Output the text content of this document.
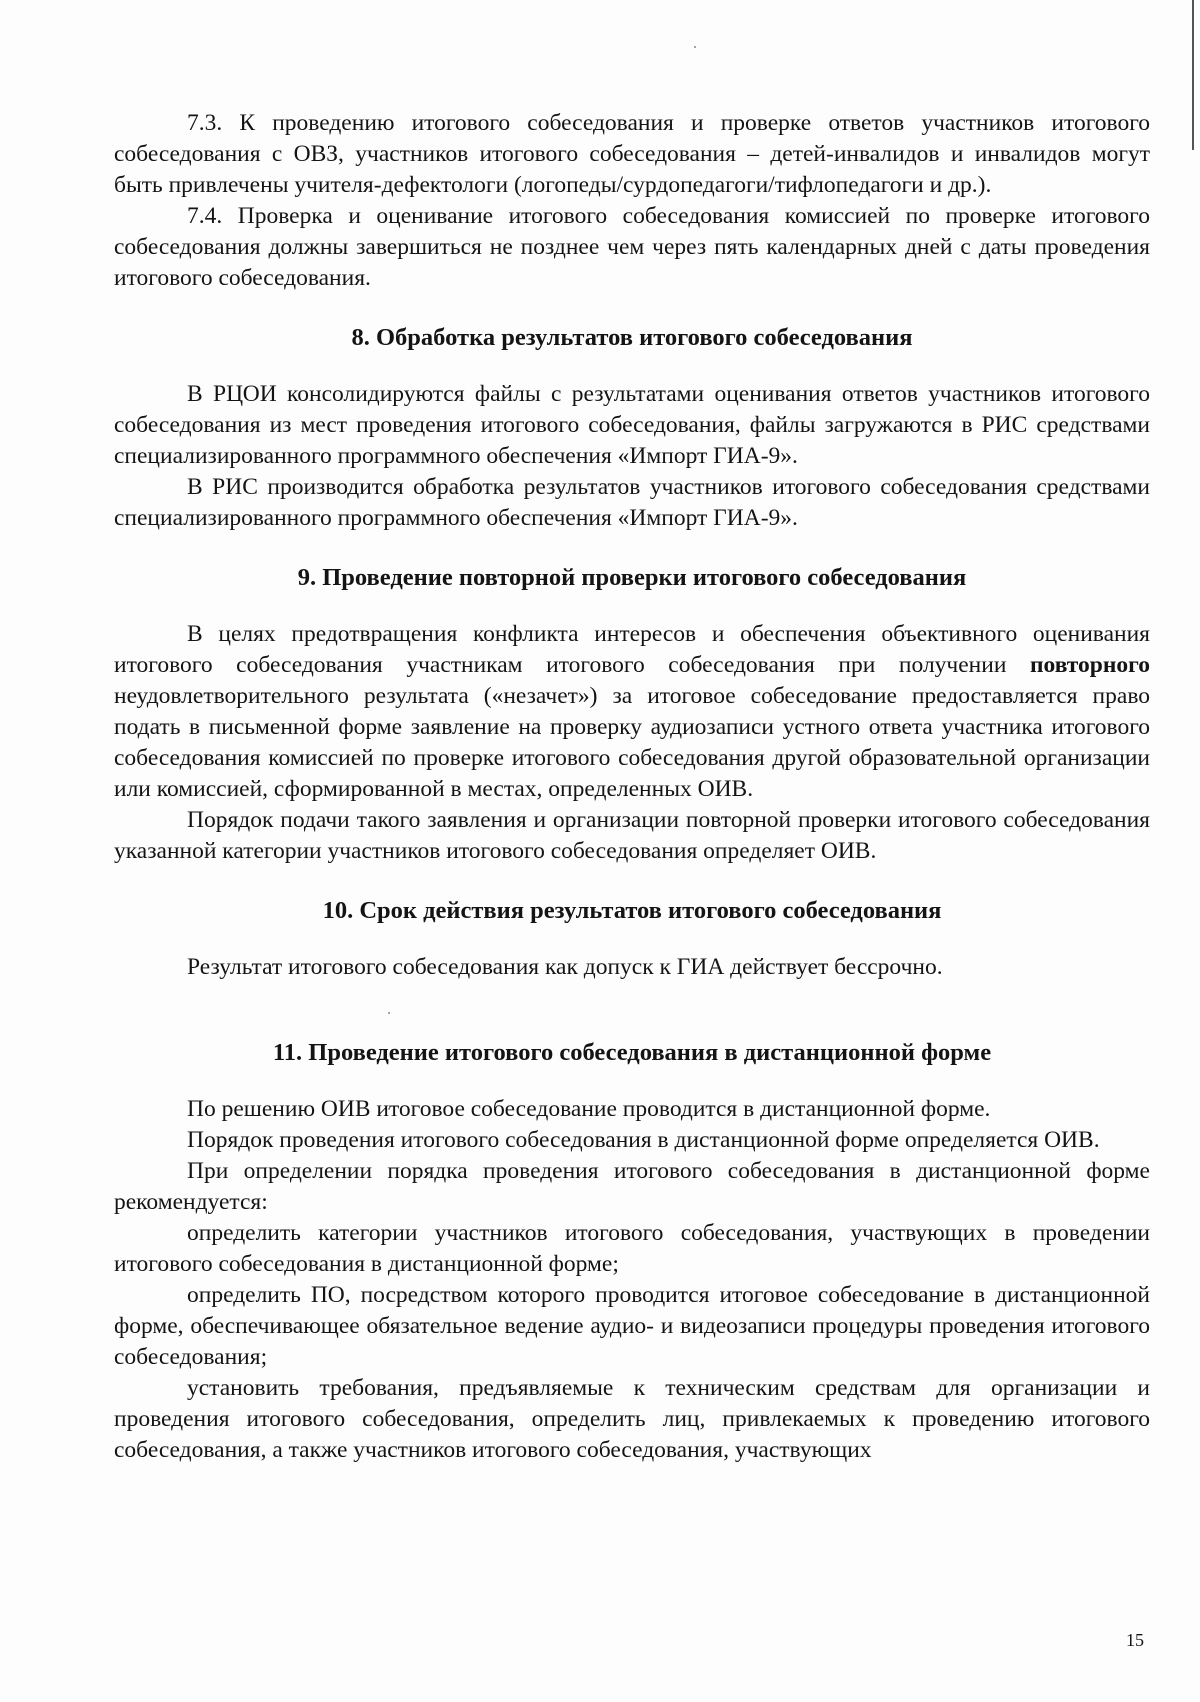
7.3. К проведению итогового собеседования и проверке ответов участников итогового собеседования с ОВЗ, участников итогового собеседования – детей-инвалидов и инвалидов могут быть привлечены учителя-дефектологи (логопеды/сурдопедагоги/тифлопедагоги и др.).

7.4. Проверка и оценивание итогового собеседования комиссией по проверке итогового собеседования должны завершиться не позднее чем через пять календарных дней с даты проведения итогового собеседования.

8. Обработка результатов итогового собеседования

В РЦОИ консолидируются файлы с результатами оценивания ответов участников итогового собеседования из мест проведения итогового собеседования, файлы загружаются в РИС средствами специализированного программного обеспечения «Импорт ГИА-9».

В РИС производится обработка результатов участников итогового собеседования средствами специализированного программного обеспечения «Импорт ГИА-9».

9. Проведение повторной проверки итогового собеседования

В целях предотвращения конфликта интересов и обеспечения объективного оценивания итогового собеседования участникам итогового собеседования при получении повторного неудовлетворительного результата («незачет») за итоговое собеседование предоставляется право подать в письменной форме заявление на проверку аудиозаписи устного ответа участника итогового собеседования комиссией по проверке итогового собеседования другой образовательной организации или комиссией, сформированной в местах, определенных ОИВ.

Порядок подачи такого заявления и организации повторной проверки итогового собеседования указанной категории участников итогового собеседования определяет ОИВ.

10. Срок действия результатов итогового собеседования

Результат итогового собеседования как допуск к ГИА действует бессрочно.

11. Проведение итогового собеседования в дистанционной форме

По решению ОИВ итоговое собеседование проводится в дистанционной форме.

Порядок проведения итогового собеседования в дистанционной форме определяется ОИВ.

При определении порядка проведения итогового собеседования в дистанционной форме рекомендуется:

определить категории участников итогового собеседования, участвующих в проведении итогового собеседования в дистанционной форме;

определить ПО, посредством которого проводится итоговое собеседование в дистанционной форме, обеспечивающее обязательное ведение аудио- и видеозаписи процедуры проведения итогового собеседования;

установить требования, предъявляемые к техническим средствам для организации и проведения итогового собеседования, определить лиц, привлекаемых к проведению итогового собеседования, а также участников итогового собеседования, участвующих

15
